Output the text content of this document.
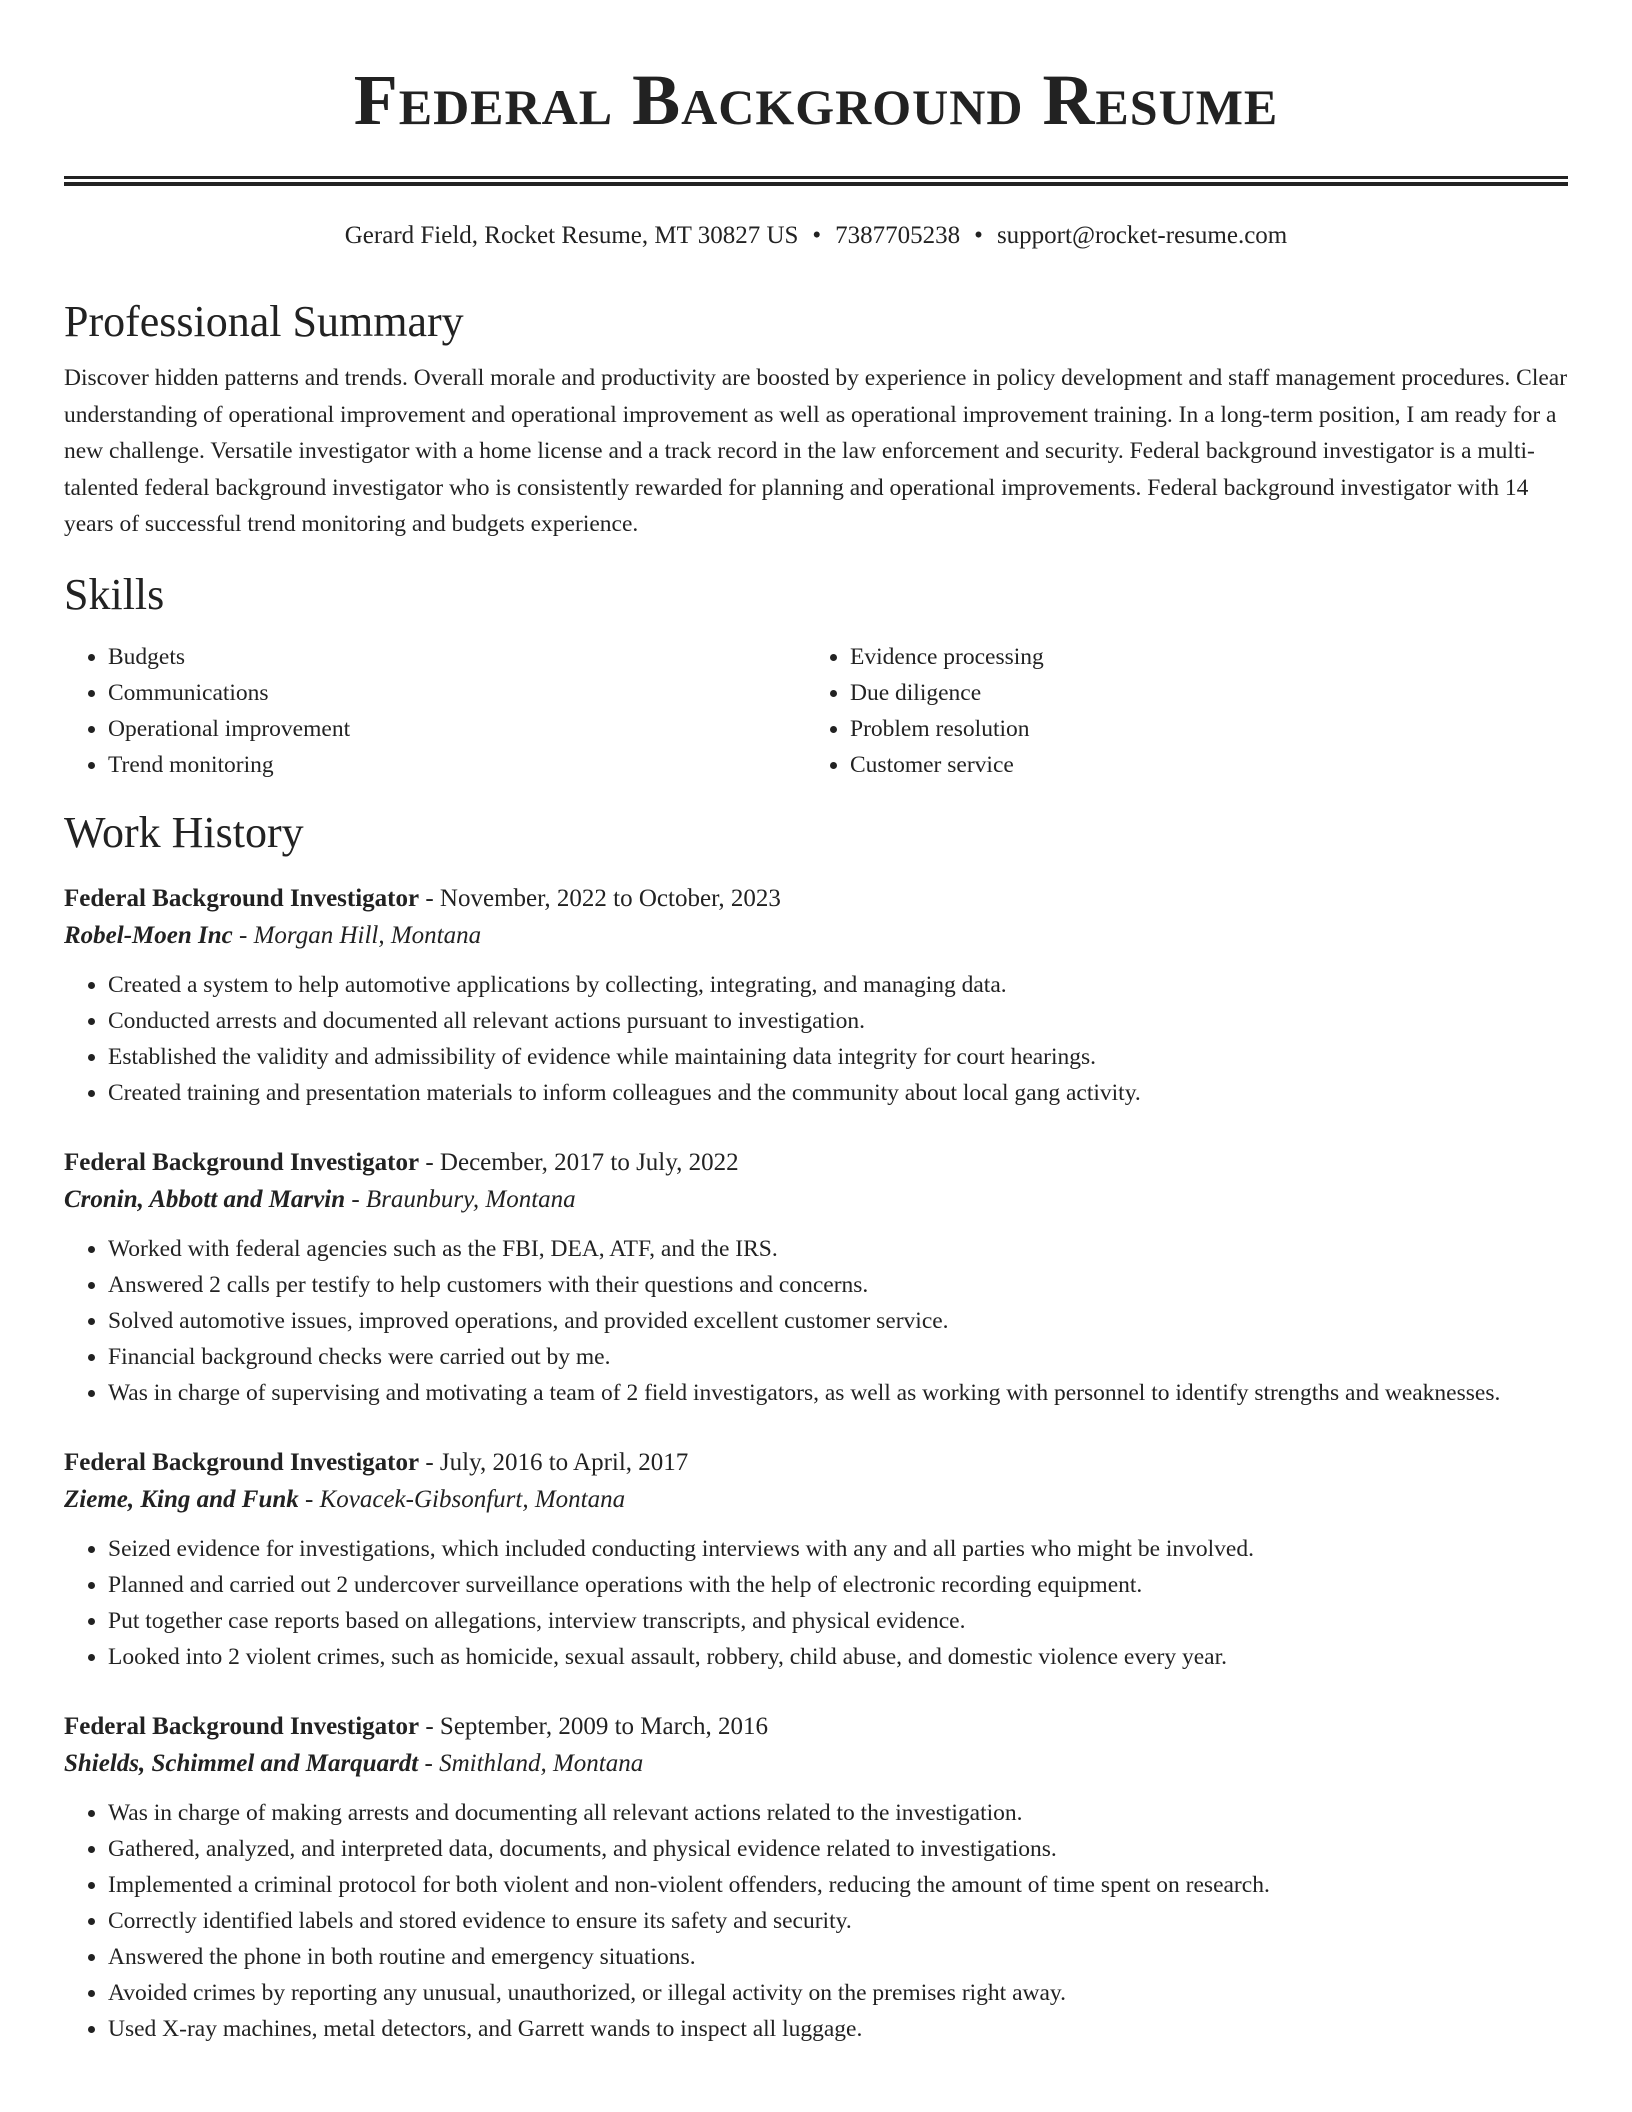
Federal Background Resume
Gerard Field, Rocket Resume, MT 30827 US • 7387705238 • support@rocket-resume.com
Professional Summary
Discover hidden patterns and trends. Overall morale and productivity are boosted by experience in policy development and staff management procedures. Clear understanding of operational improvement and operational improvement as well as operational improvement training. In a long-term position, I am ready for a new challenge. Versatile investigator with a home license and a track record in the law enforcement and security. Federal background investigator is a multi-talented federal background investigator who is consistently rewarded for planning and operational improvements. Federal background investigator with 14 years of successful trend monitoring and budgets experience.
Skills
• Budgets
• Communications
• Operational improvement
• Trend monitoring
• Evidence processing
• Due diligence
• Problem resolution
• Customer service
Work History
Federal Background Investigator - November, 2022 to October, 2023
Robel-Moen Inc - Morgan Hill, Montana
• Created a system to help automotive applications by collecting, integrating, and managing data.
• Conducted arrests and documented all relevant actions pursuant to investigation.
• Established the validity and admissibility of evidence while maintaining data integrity for court hearings.
• Created training and presentation materials to inform colleagues and the community about local gang activity.
Federal Background Investigator - December, 2017 to July, 2022
Cronin, Abbott and Marvin - Braunbury, Montana
• Worked with federal agencies such as the FBI, DEA, ATF, and the IRS.
• Answered 2 calls per testify to help customers with their questions and concerns.
• Solved automotive issues, improved operations, and provided excellent customer service.
• Financial background checks were carried out by me.
• Was in charge of supervising and motivating a team of 2 field investigators, as well as working with personnel to identify strengths and weaknesses.
Federal Background Investigator - July, 2016 to April, 2017
Zieme, King and Funk - Kovacek-Gibsonfurt, Montana
• Seized evidence for investigations, which included conducting interviews with any and all parties who might be involved.
• Planned and carried out 2 undercover surveillance operations with the help of electronic recording equipment.
• Put together case reports based on allegations, interview transcripts, and physical evidence.
• Looked into 2 violent crimes, such as homicide, sexual assault, robbery, child abuse, and domestic violence every year.
Federal Background Investigator - September, 2009 to March, 2016
Shields, Schimmel and Marquardt - Smithland, Montana
• Was in charge of making arrests and documenting all relevant actions related to the investigation.
• Gathered, analyzed, and interpreted data, documents, and physical evidence related to investigations.
• Implemented a criminal protocol for both violent and non-violent offenders, reducing the amount of time spent on research.
• Correctly identified labels and stored evidence to ensure its safety and security.
• Answered the phone in both routine and emergency situations.
• Avoided crimes by reporting any unusual, unauthorized, or illegal activity on the premises right away.
• Used X-ray machines, metal detectors, and Garrett wands to inspect all luggage.
